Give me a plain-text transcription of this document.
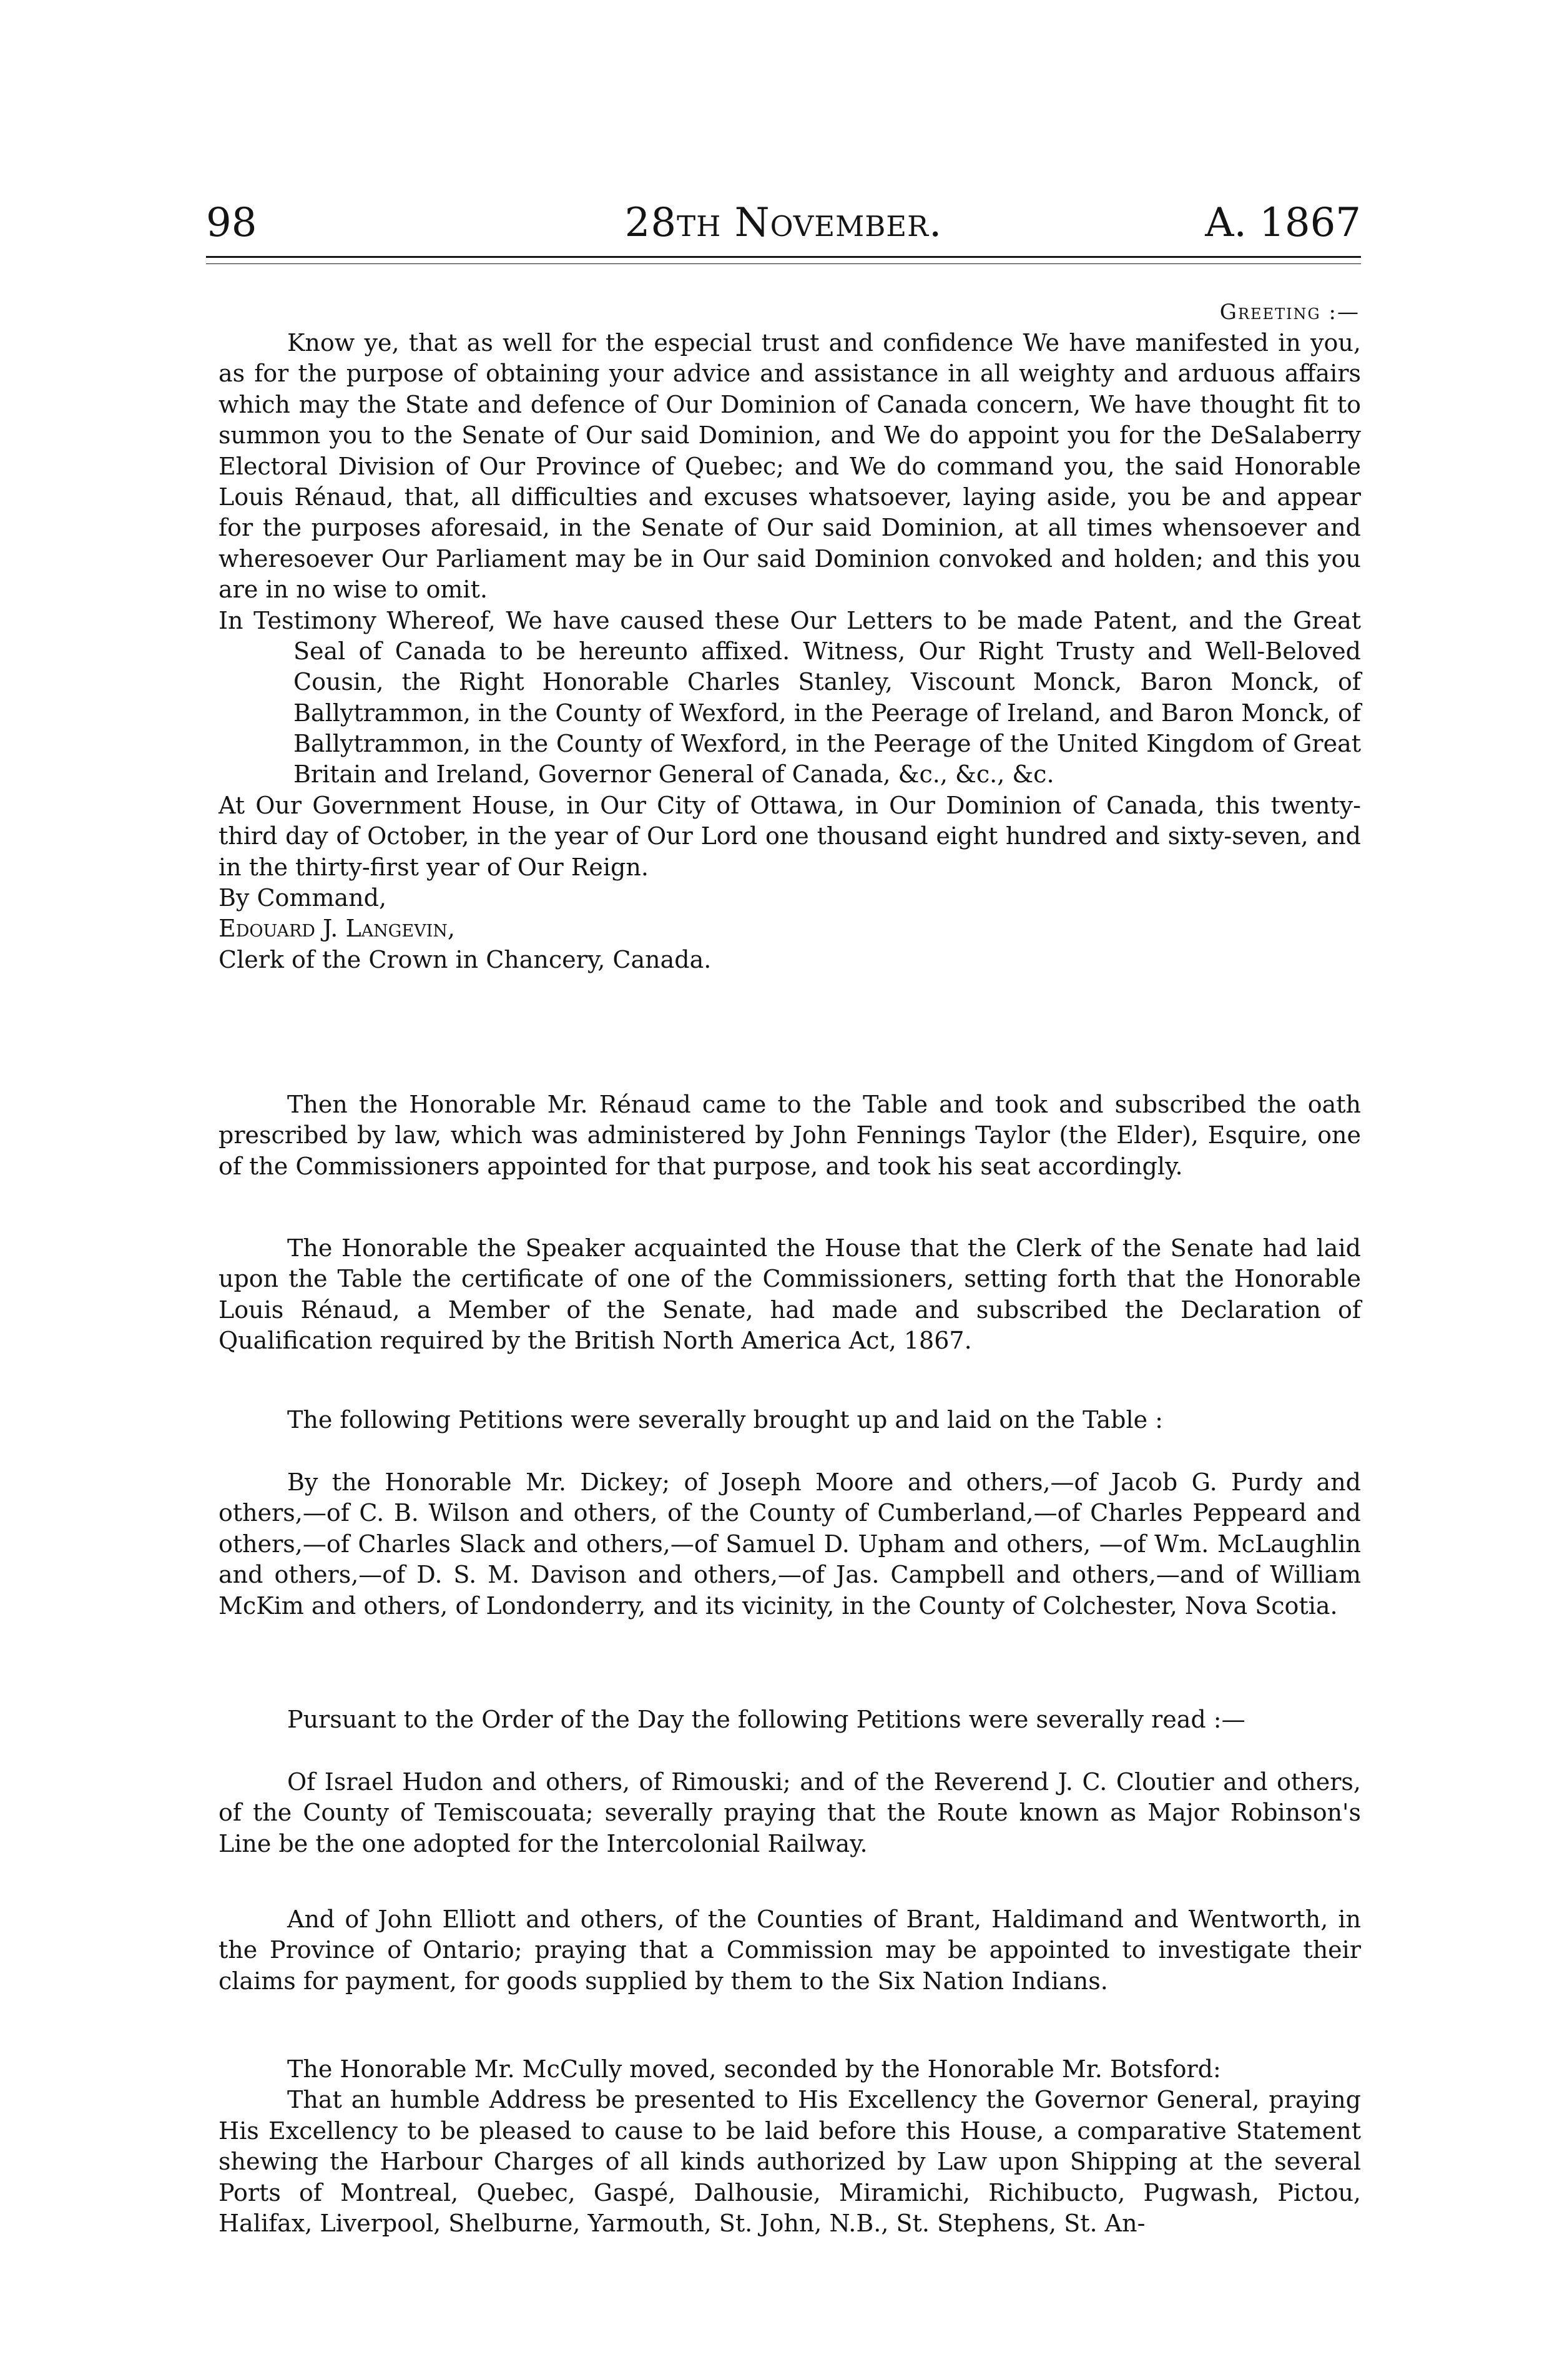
98	28th November.	A. 1867
Greeting :—

Know ye, that as well for the especial trust and confidence We have manifested in you, as for the purpose of obtaining your advice and assistance in all weighty and arduous affairs which may the State and defence of Our Dominion of Canada concern, We have thought fit to summon you to the Senate of Our said Dominion, and We do appoint you for the DeSalaberry Electoral Division of Our Province of Quebec; and We do command you, the said Honorable Louis Rénaud, that, all difficulties and excuses whatsoever, laying aside, you be and appear for the purposes aforesaid, in the Senate of Our said Dominion, at all times whensoever and wheresoever Our Parliament may be in Our said Dominion convoked and holden; and this you are in no wise to omit.

In Testimony Whereof, We have caused these Our Letters to be made Patent, and the Great Seal of Canada to be hereunto affixed. Witness, Our Right Trusty and Well-Beloved Cousin, the Right Honorable Charles Stanley, Viscount Monck, Baron Monck, of Ballytrammon, in the County of Wexford, in the Peerage of Ireland, and Baron Monck, of Ballytrammon, in the County of Wexford, in the Peerage of the United Kingdom of Great Britain and Ireland, Governor General of Canada, &c., &c., &c.

At Our Government House, in Our City of Ottawa, in Our Dominion of Canada, this twenty-third day of October, in the year of Our Lord one thousand eight hundred and sixty-seven, and in the thirty-first year of Our Reign.

By Command,

Edouard J. Langevin,

Clerk of the Crown in Chancery, Canada.

Then the Honorable Mr. Rénaud came to the Table and took and subscribed the oath prescribed by law, which was administered by John Fennings Taylor (the Elder), Esquire, one of the Commissioners appointed for that purpose, and took his seat accordingly.

The Honorable the Speaker acquainted the House that the Clerk of the Senate had laid upon the Table the certificate of one of the Commissioners, setting forth that the Honorable Louis Rénaud, a Member of the Senate, had made and subscribed the Declaration of Qualification required by the British North America Act, 1867.

The following Petitions were severally brought up and laid on the Table :

By the Honorable Mr. Dickey; of Joseph Moore and others,—of Jacob G. Purdy and others,—of C. B. Wilson and others, of the County of Cumberland,—of Charles Peppeard and others,—of Charles Slack and others,—of Samuel D. Upham and others, —of Wm. McLaughlin and others,—of D. S. M. Davison and others,—of Jas. Campbell and others,—and of William McKim and others, of Londonderry, and its vicinity, in the County of Colchester, Nova Scotia.

Pursuant to the Order of the Day the following Petitions were severally read :—

Of Israel Hudon and others, of Rimouski; and of the Reverend J. C. Cloutier and others, of the County of Temiscouata; severally praying that the Route known as Major Robinson's Line be the one adopted for the Intercolonial Railway.

And of John Elliott and others, of the Counties of Brant, Haldimand and Wentworth, in the Province of Ontario; praying that a Commission may be appointed to investigate their claims for payment, for goods supplied by them to the Six Nation Indians.

The Honorable Mr. McCully moved, seconded by the Honorable Mr. Botsford:

That an humble Address be presented to His Excellency the Governor General, praying His Excellency to be pleased to cause to be laid before this House, a comparative Statement shewing the Harbour Charges of all kinds authorized by Law upon Shipping at the several Ports of Montreal, Quebec, Gaspé, Dalhousie, Miramichi, Richibucto, Pugwash, Pictou, Halifax, Liverpool, Shelburne, Yarmouth, St. John, N.B., St. Stephens, St. An-
